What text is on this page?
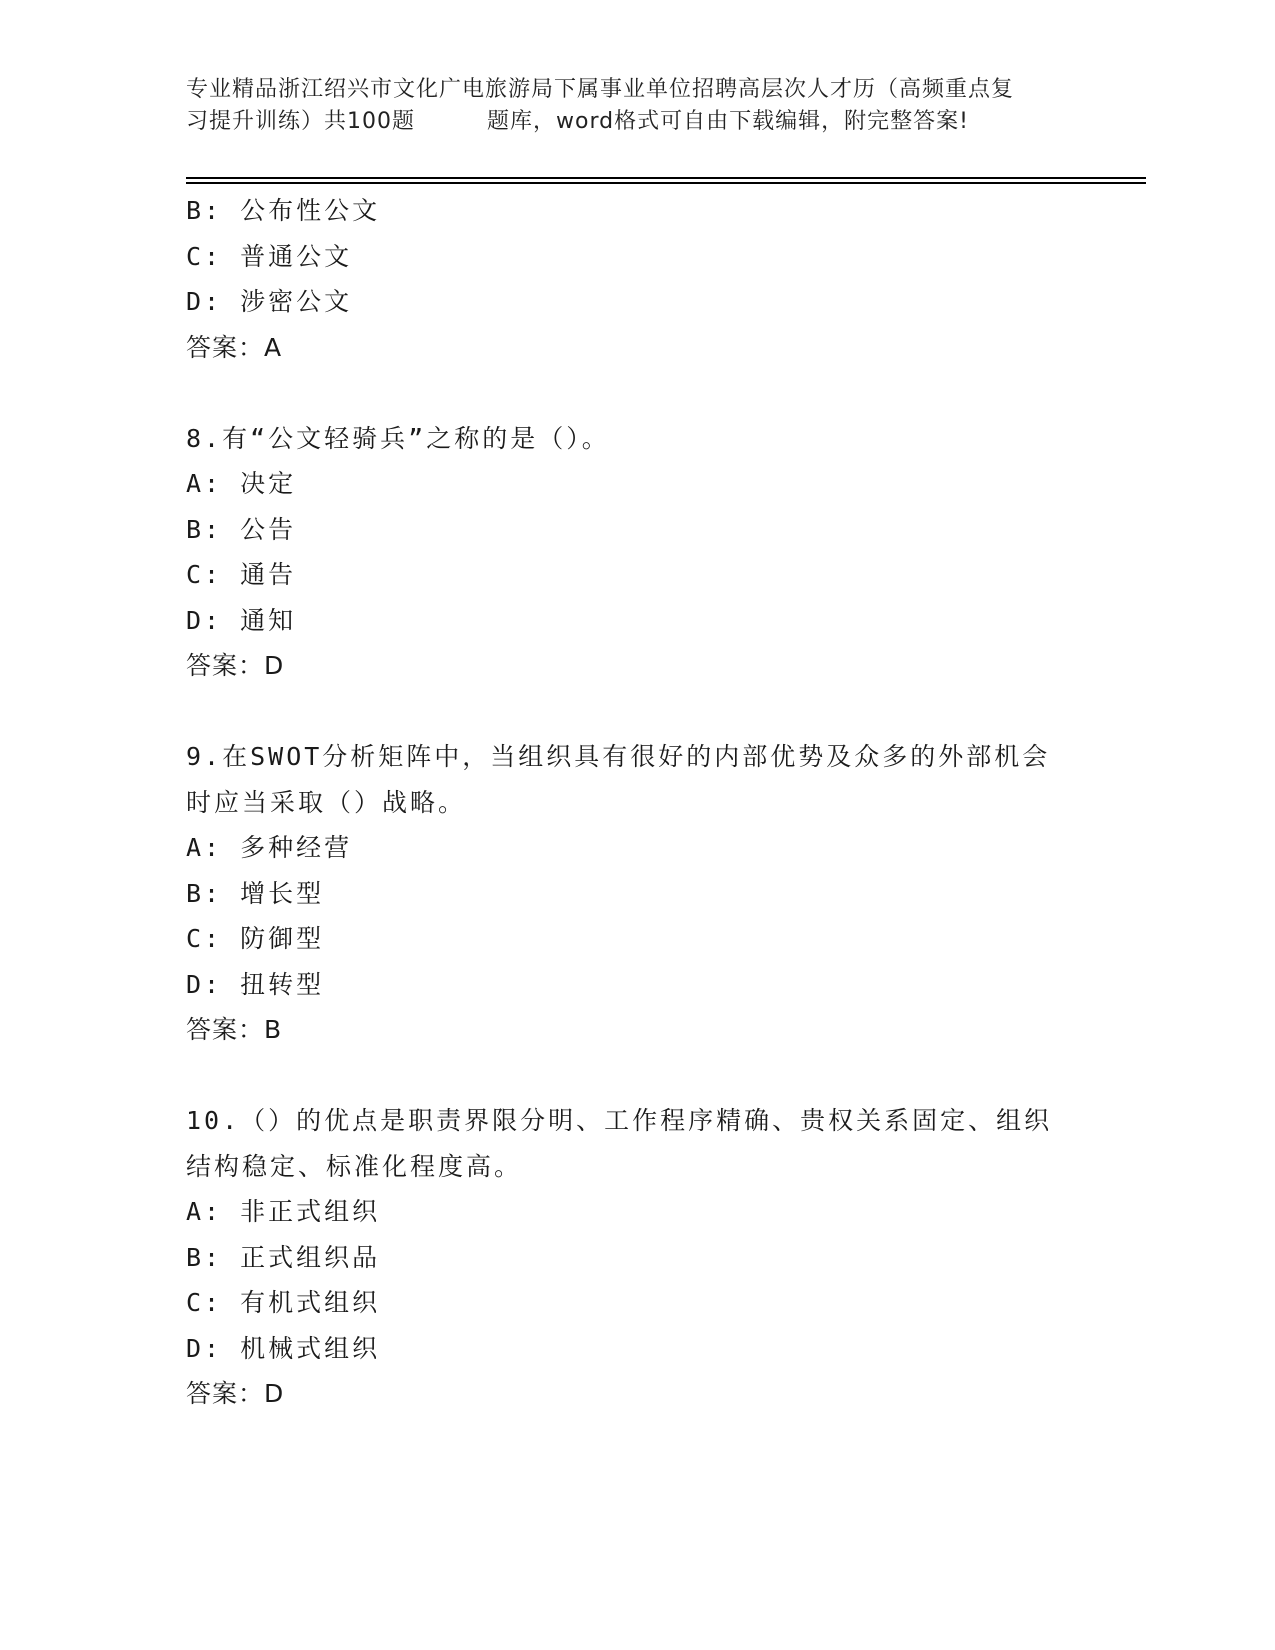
专业精品浙江绍兴市文化广电旅游局下属事业单位招聘高层次人才历（高频重点复
习提升训练）共100题	题库，word格式可自由下载编辑，附完整答案!
B: 公布性公文
C: 普通公文
D: 涉密公文
答案：A
8.有“公文轻骑兵”之称的是（）。
A: 决定
B: 公告
C: 通告
D: 通知
答案：D
9.在SWOT分析矩阵中，当组织具有很好的内部优势及众多的外部机会时应当采取（）战略。
A: 多种经营
B: 增长型
C: 防御型
D: 扭转型
答案：B
10.（）的优点是职责界限分明、工作程序精确、贵权关系固定、组织结构稳定、标准化程度高。
A: 非正式组织
B: 正式组织品
C: 有机式组织
D: 机械式组织
答案：D
